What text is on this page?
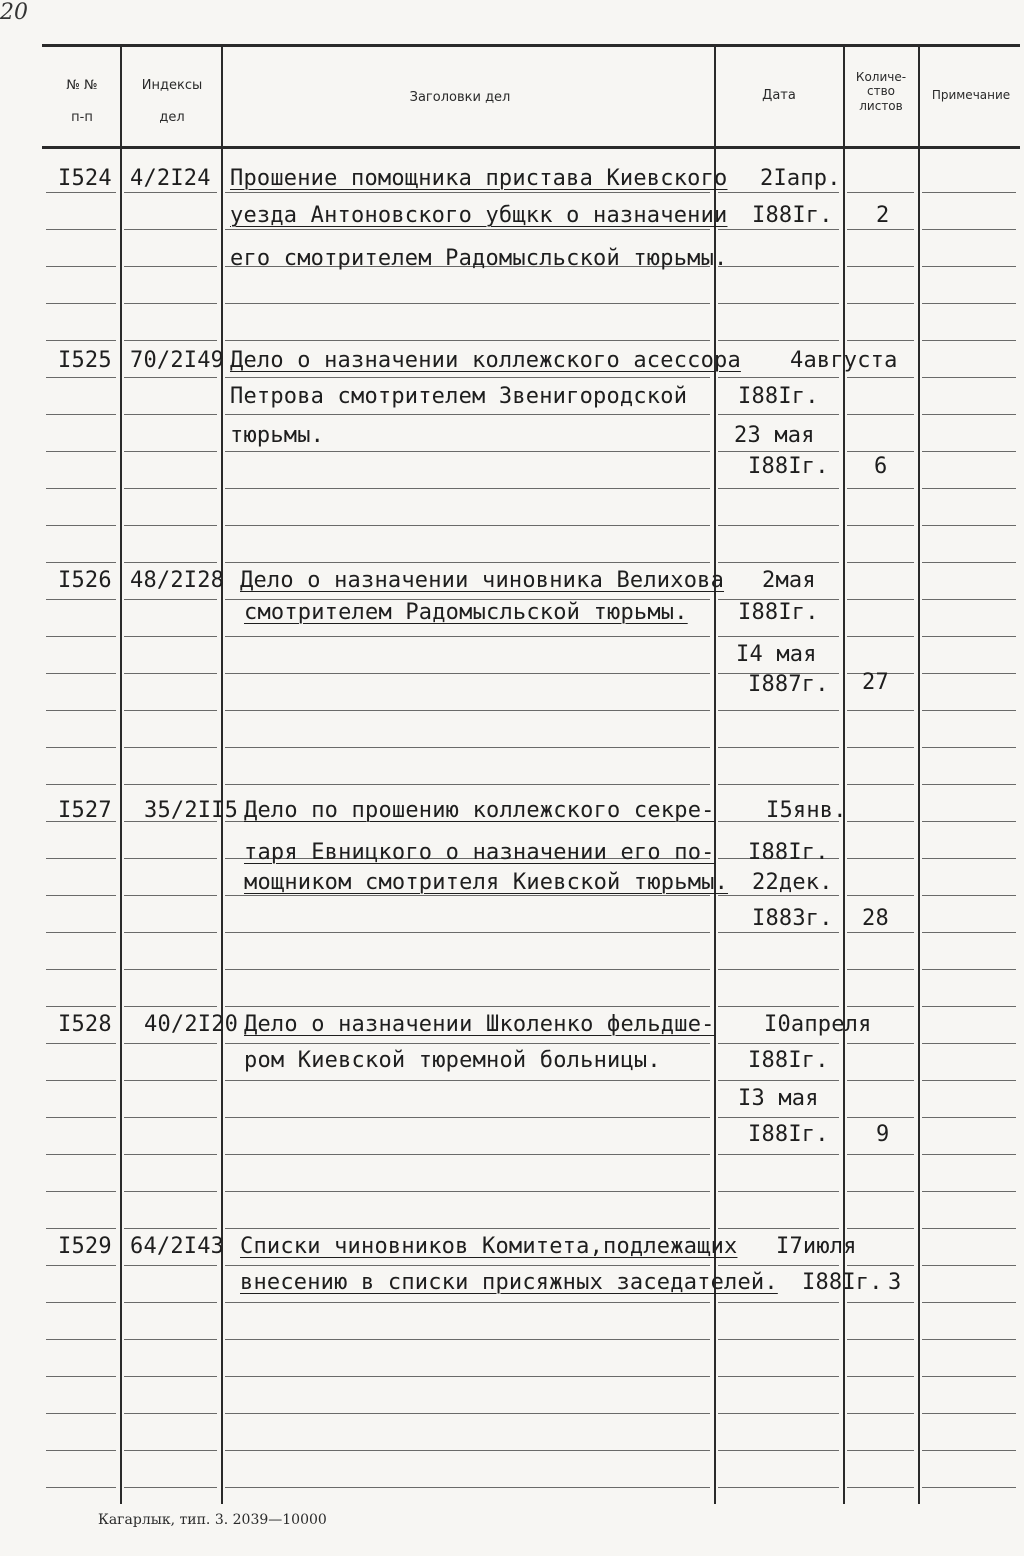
№ №
п-п
Индексы
дел
Заголовки дел	Дата
Количе-
ство
листов
Примечание
I524 4/2I24 Прошение помощника пристава Киевского
уезда Антоновского убщкк о назначении
его смотрителем Радомысльской тюрьмы.
2Iапр.
I88Iг. 2
I525 70/2I49 Дело о назначении коллежского асессора
Петрова смотрителем Звенигородской
тюрьмы.
4августа
I88Iг.
23 мая
I88Iг. 6
I526 48/2I28 Дело о назначении чиновника Велихова
смотрителем Радомысльской тюрьмы.
2мая
I88Iг.
I4 мая
I887г. 27
I527 35/2II5 Дело по прошению коллежского секре-
таря Евницкого о назначении его по-
мощником смотрителя Киевской тюрьмы.
I5янв.
I88Iг.
22дек.
I883г. 28
I528 40/2I20 Дело о назначении Школенко фельдше-
ром Киевской тюремной больницы.
I0апреля
I88Iг.
I3 мая
I88Iг. 9
I529 64/2I43 Списки чиновников Комитета,подлежащих
внесению в списки присяжных заседателей.
I7июля
I88Iг. 3
Кагарлык, тип. 3. 2039—10000
20
